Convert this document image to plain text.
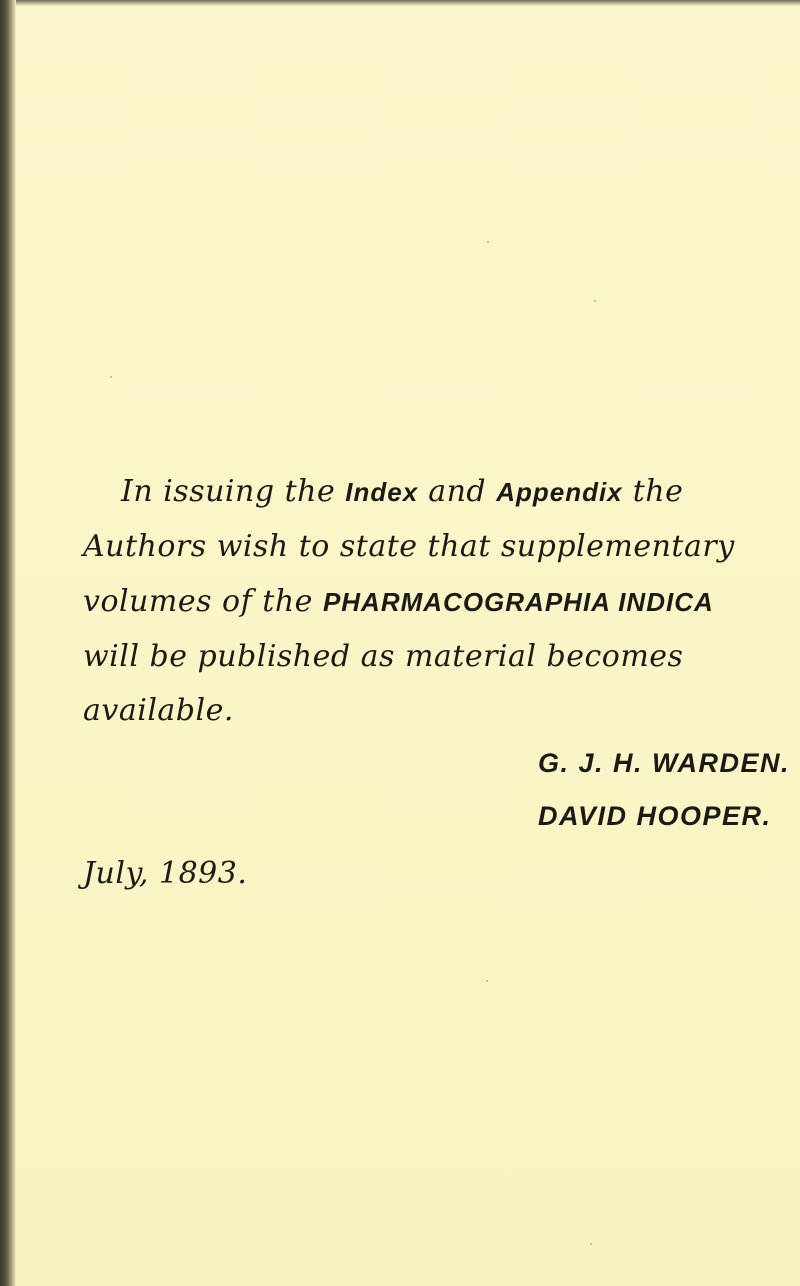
In issuing the Index and Appendix the

Authors wish to state that supplementary

volumes of the PHARMACOGRAPHIA INDICA

will be published as material becomes

available.

G. J. H. WARDEN.

DAVID HOOPER.

July, 1893.
